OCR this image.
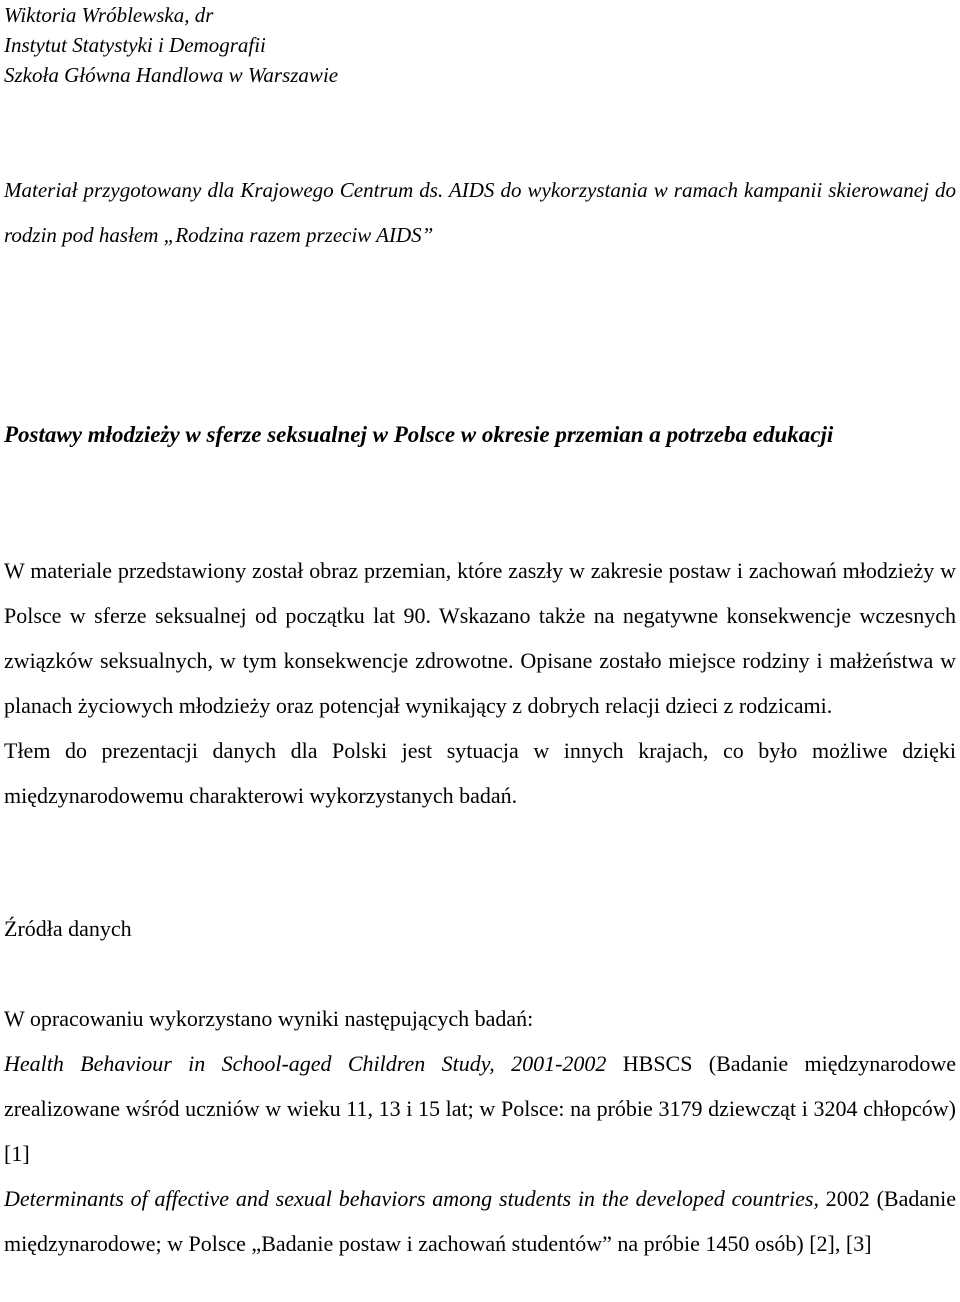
Wiktoria Wróblewska, dr

Instytut Statystyki i Demografii

Szkoła Główna Handlowa w Warszawie

Materiał przygotowany dla Krajowego Centrum ds. AIDS do wykorzystania w ramach kampanii skierowanej do rodzin pod hasłem „Rodzina razem przeciw AIDS”

Postawy młodzieży w sferze seksualnej w Polsce w okresie przemian a potrzeba edukacji

W materiale przedstawiony został obraz przemian, które zaszły w zakresie postaw i zachowań młodzieży w Polsce w sferze seksualnej od początku lat 90. Wskazano także na negatywne konsekwencje wczesnych związków seksualnych, w tym konsekwencje zdrowotne. Opisane zostało miejsce rodziny i małżeństwa w planach życiowych młodzieży oraz potencjał wynikający z dobrych relacji dzieci z rodzicami.

Tłem do prezentacji danych dla Polski jest sytuacja w innych krajach, co było możliwe dzięki międzynarodowemu charakterowi wykorzystanych badań.

Źródła danych

W opracowaniu wykorzystano wyniki następujących badań:

Health Behaviour in School-aged Children Study, 2001-2002 HBSCS (Badanie międzynarodowe zrealizowane wśród uczniów w wieku 11, 13 i 15 lat; w Polsce: na próbie 3179 dziewcząt i 3204 chłopców) [1]

Determinants of affective and sexual behaviors among students in the developed countries, 2002 (Badanie międzynarodowe; w Polsce „Badanie postaw i zachowań studentów” na próbie 1450 osób) [2], [3]
